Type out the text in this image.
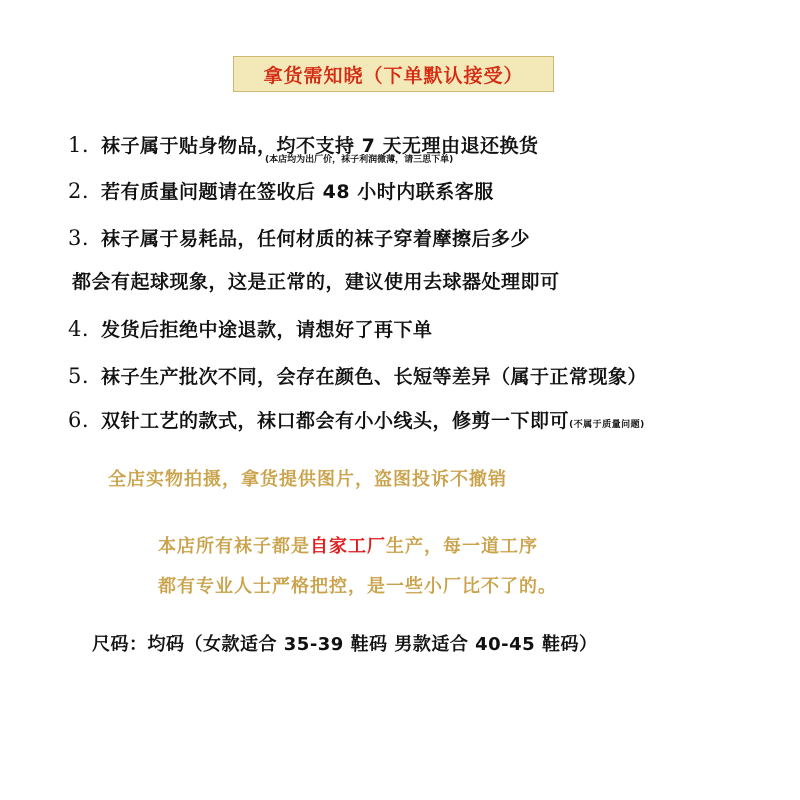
拿货需知晓（下单默认接受）
1. 袜子属于贴身物品，均不支持 7 天无理由退还换货
(本店均为出厂价，袜子利润微薄，请三思下单)
2. 若有质量问题请在签收后 48 小时内联系客服
3. 袜子属于易耗品，任何材质的袜子穿着摩擦后多少
都会有起球现象，这是正常的，建议使用去球器处理即可
4. 发货后拒绝中途退款，请想好了再下单
5. 袜子生产批次不同，会存在颜色、长短等差异（属于正常现象）
6. 双针工艺的款式，袜口都会有小小线头，修剪一下即可(不属于质量问题)
全店实物拍摄，拿货提供图片，盗图投诉不撤销
本店所有袜子都是自家工厂生产，每一道工序
都有专业人士严格把控，是一些小厂比不了的。
尺码：均码（女款适合 35-39 鞋码 男款适合 40-45 鞋码）
